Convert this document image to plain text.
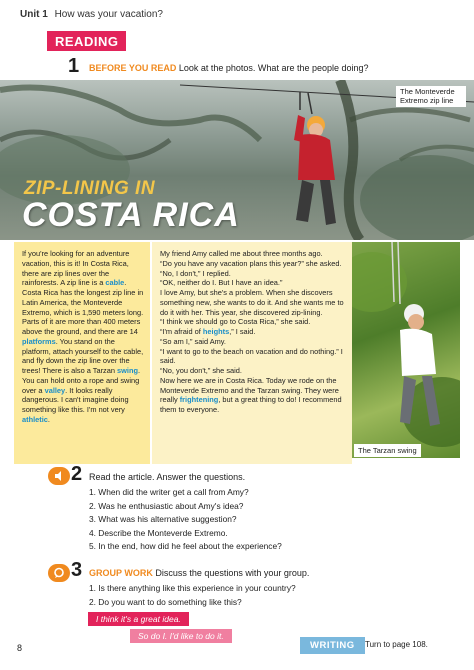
Unit 1 How was your vacation?
READING
1 BEFORE YOU READ Look at the photos. What are the people doing?
The Monteverde
Extremo zip line
ZIP-LINING IN
COSTA RICA

If you're looking for an adventure vacation, this is it! In Costa Rica, there are zip lines over the rainforests. A zip line is a cable. Costa Rica has the longest zip line in Latin America, the Monteverde Extremo, which is 1,590 meters long. Parts of it are more than 400 meters above the ground, and there are 14 platforms. You stand on the platform, attach yourself to the cable, and fly down the zip line over the trees! There is also a Tarzan swing. You can hold onto a rope and swing over a valley. It looks really dangerous. I can't imagine doing something like this. I'm not very athletic.

My friend Amy called me about three months ago.

“Do you have any vacation plans this year?” she asked.

“No, I don't,” I replied.

“OK, neither do I. But I have an idea.”

I love Amy, but she's a problem. When she discovers something new, she wants to do it. And she wants me to do it with her. This year, she discovered zip-lining.

“I think we should go to Costa Rica,” she said.

“I'm afraid of heights,” I said.

“So am I,” said Amy.

“I want to go to the beach on vacation and do nothing.” I said.

“No, you don't,” she said.

Now here we are in Costa Rica. Today we rode on the Monteverde Extremo and the Tarzan swing. They were really frightening, but a great thing to do! I recommend them to everyone.

The Tarzan swing
2 Read the article. Answer the questions.
1. When did the writer get a call from Amy?
2. Was he enthusiastic about Amy's idea?
3. What was his alternative suggestion?
4. Describe the Monteverde Extremo.
5. In the end, how did he feel about the experience?
3 GROUP WORK Discuss the questions with your group.
1. Is there anything like this experience in your country?
2. Do you want to do something like this?
I think it's a great idea.
So do I. I'd like to do it.
8	WRITING	Turn to page 108.
